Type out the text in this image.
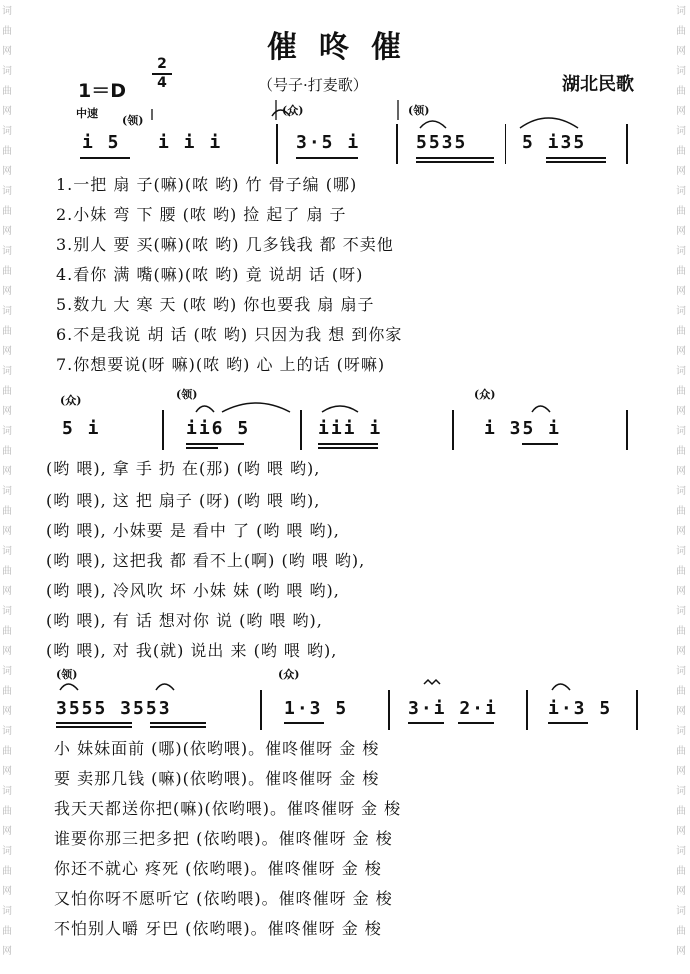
词
曲
网
词
曲
网
词
曲
网
词
曲
网
词
曲
网
词
曲
网
词
曲
网
词
曲
网
词
曲
网
词
曲
网
词
曲
网
词
曲
网
词
曲
网
词
曲
网
词
曲
网
词
曲
网
词
曲
网
词
曲
网
词
曲
网
词
曲
网
词
曲
网
词
曲
网
词
曲
网
词
曲
网
词
曲
网
词
曲
网
词
曲
网
词
曲
网
词
曲
网
词
曲
网
词
曲
网
词
曲
网
催咚催
1＝D
2
4	（号子·打麦歌）	湖北民歌
中速
(领)
(众)	(领)
i 5 i i i	3·5 i	5535	5 i35
1.一把 扇 子(嘛)(哝 哟) 竹 骨子编 (哪)
2.小妹 弯 下 腰 (哝 哟) 捡 起了 扇 子
3.别人 要 买(嘛)(哝 哟) 几多钱我 都 不卖他
4.看你 满 嘴(嘛)(哝 哟) 竟 说胡 话 (呀)
5.数九 大 寒 天 (哝 哟) 你也要我 扇 扇子
6.不是我说 胡 话 (哝 哟) 只因为我 想 到你家
7.你想要说(呀 嘛)(哝 哟) 心 上的话 (呀嘛)
(众)	(领)	(众)
5 i	ii6 5	iii i	i 35 i
(哟 喂), 拿 手 扔 在(那) (哟 喂 哟),
(哟 喂), 这 把 扇子 (呀) (哟 喂 哟),
(哟 喂), 小妹要 是 看中 了 (哟 喂 哟),
(哟 喂), 这把我 都 看不上(啊) (哟 喂 哟),
(哟 喂), 冷风吹 坏 小妹 妹 (哟 喂 哟),
(哟 喂), 有 话 想对你 说 (哟 喂 哟),
(哟 喂), 对 我(就) 说出 来 (哟 喂 哟),
(领)	(众)
3555 3553	1·3 5	3·i 2·i	i·3 5
小 妹妹面前 (哪)(依哟喂)。催咚催呀 金 梭
要 卖那几钱 (嘛)(依哟喂)。催咚催呀 金 梭
我天天都送你把(嘛)(依哟喂)。催咚催呀 金 梭
谁要你那三把多把 (依哟喂)。催咚催呀 金 梭
你还不就心 疼死 (依哟喂)。催咚催呀 金 梭
又怕你呀不愿听它 (依哟喂)。催咚催呀 金 梭
不怕别人嚼 牙巴 (依哟喂)。催咚催呀 金 梭
